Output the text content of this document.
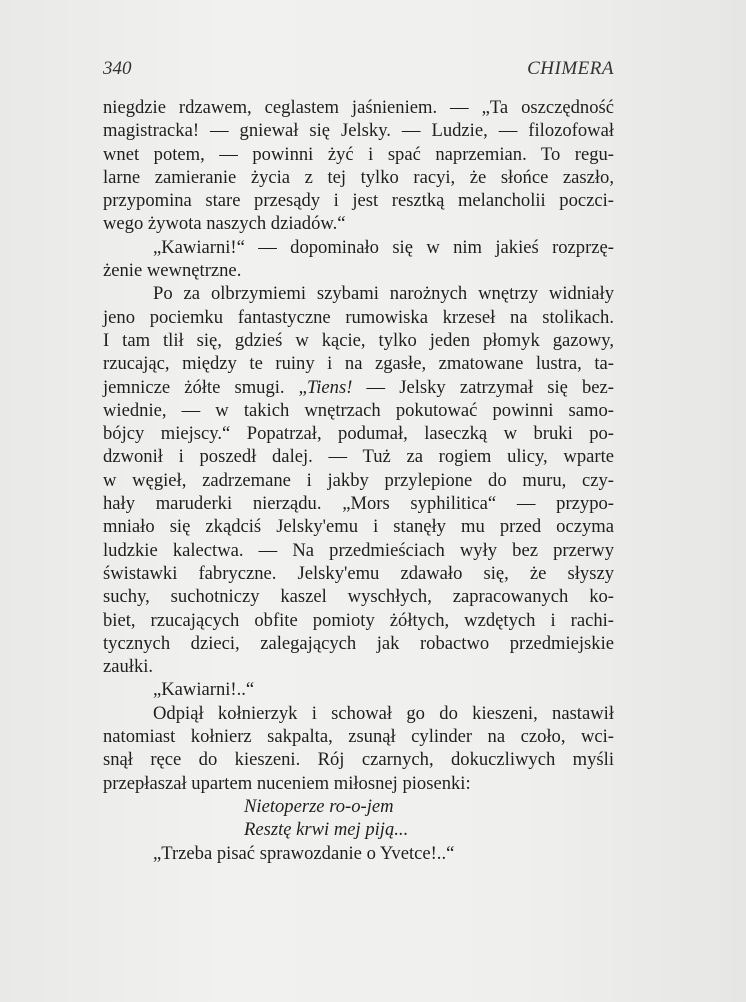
340	CHIMERA
niegdzie rdzawem, ceglastem jaśnieniem. — „Ta oszczędność
magistracka! — gniewał się Jelsky. — Ludzie, — filozofował
wnet potem, — powinni żyć i spać naprzemian. To regu-
larne zamieranie życia z tej tylko racyi, że słońce zaszło,
przypomina stare przesądy i jest resztką melancholii poczci-
wego żywota naszych dziadów.“
„Kawiarni!“ — dopominało się w nim jakieś rozprzę-
żenie wewnętrzne.
Po za olbrzymiemi szybami narożnych wnętrzy widniały
jeno pociemku fantastyczne rumowiska krzeseł na stolikach.
I tam tlił się, gdzieś w kącie, tylko jeden płomyk gazowy,
rzucając, między te ruiny i na zgasłe, zmatowane lustra, ta-
jemnicze żółte smugi. „Tiens! — Jelsky zatrzymał się bez-
wiednie, — w takich wnętrzach pokutować powinni samo-
bójcy miejscy.“ Popatrzał, podumał, laseczką w bruki po-
dzwonił i poszedł dalej. — Tuż za rogiem ulicy, wparte
w węgieł, zadrzemane i jakby przylepione do muru, czy-
hały maruderki nierządu. „Mors syphilitica“ — przypo-
mniało się zkądciś Jelsky'emu i stanęły mu przed oczyma
ludzkie kalectwa. — Na przedmieściach wyły bez przerwy
świstawki fabryczne. Jelsky'emu zdawało się, że słyszy
suchy, suchotniczy kaszel wyschłych, zapracowanych ko-
biet, rzucających obfite pomioty żółtych, wzdętych i rachi-
tycznych dzieci, zalegających jak robactwo przedmiejskie
zaułki.
„Kawiarni!..“
Odpiął kołnierzyk i schował go do kieszeni, nastawił
natomiast kołnierz sakpalta, zsunął cylinder na czoło, wci-
snął ręce do kieszeni. Rój czarnych, dokuczliwych myśli
przepłaszał upartem nuceniem miłosnej piosenki:
Nietoperze ro-o-jem
Resztę krwi mej piją...
„Trzeba pisać sprawozdanie o Yvetce!..“
